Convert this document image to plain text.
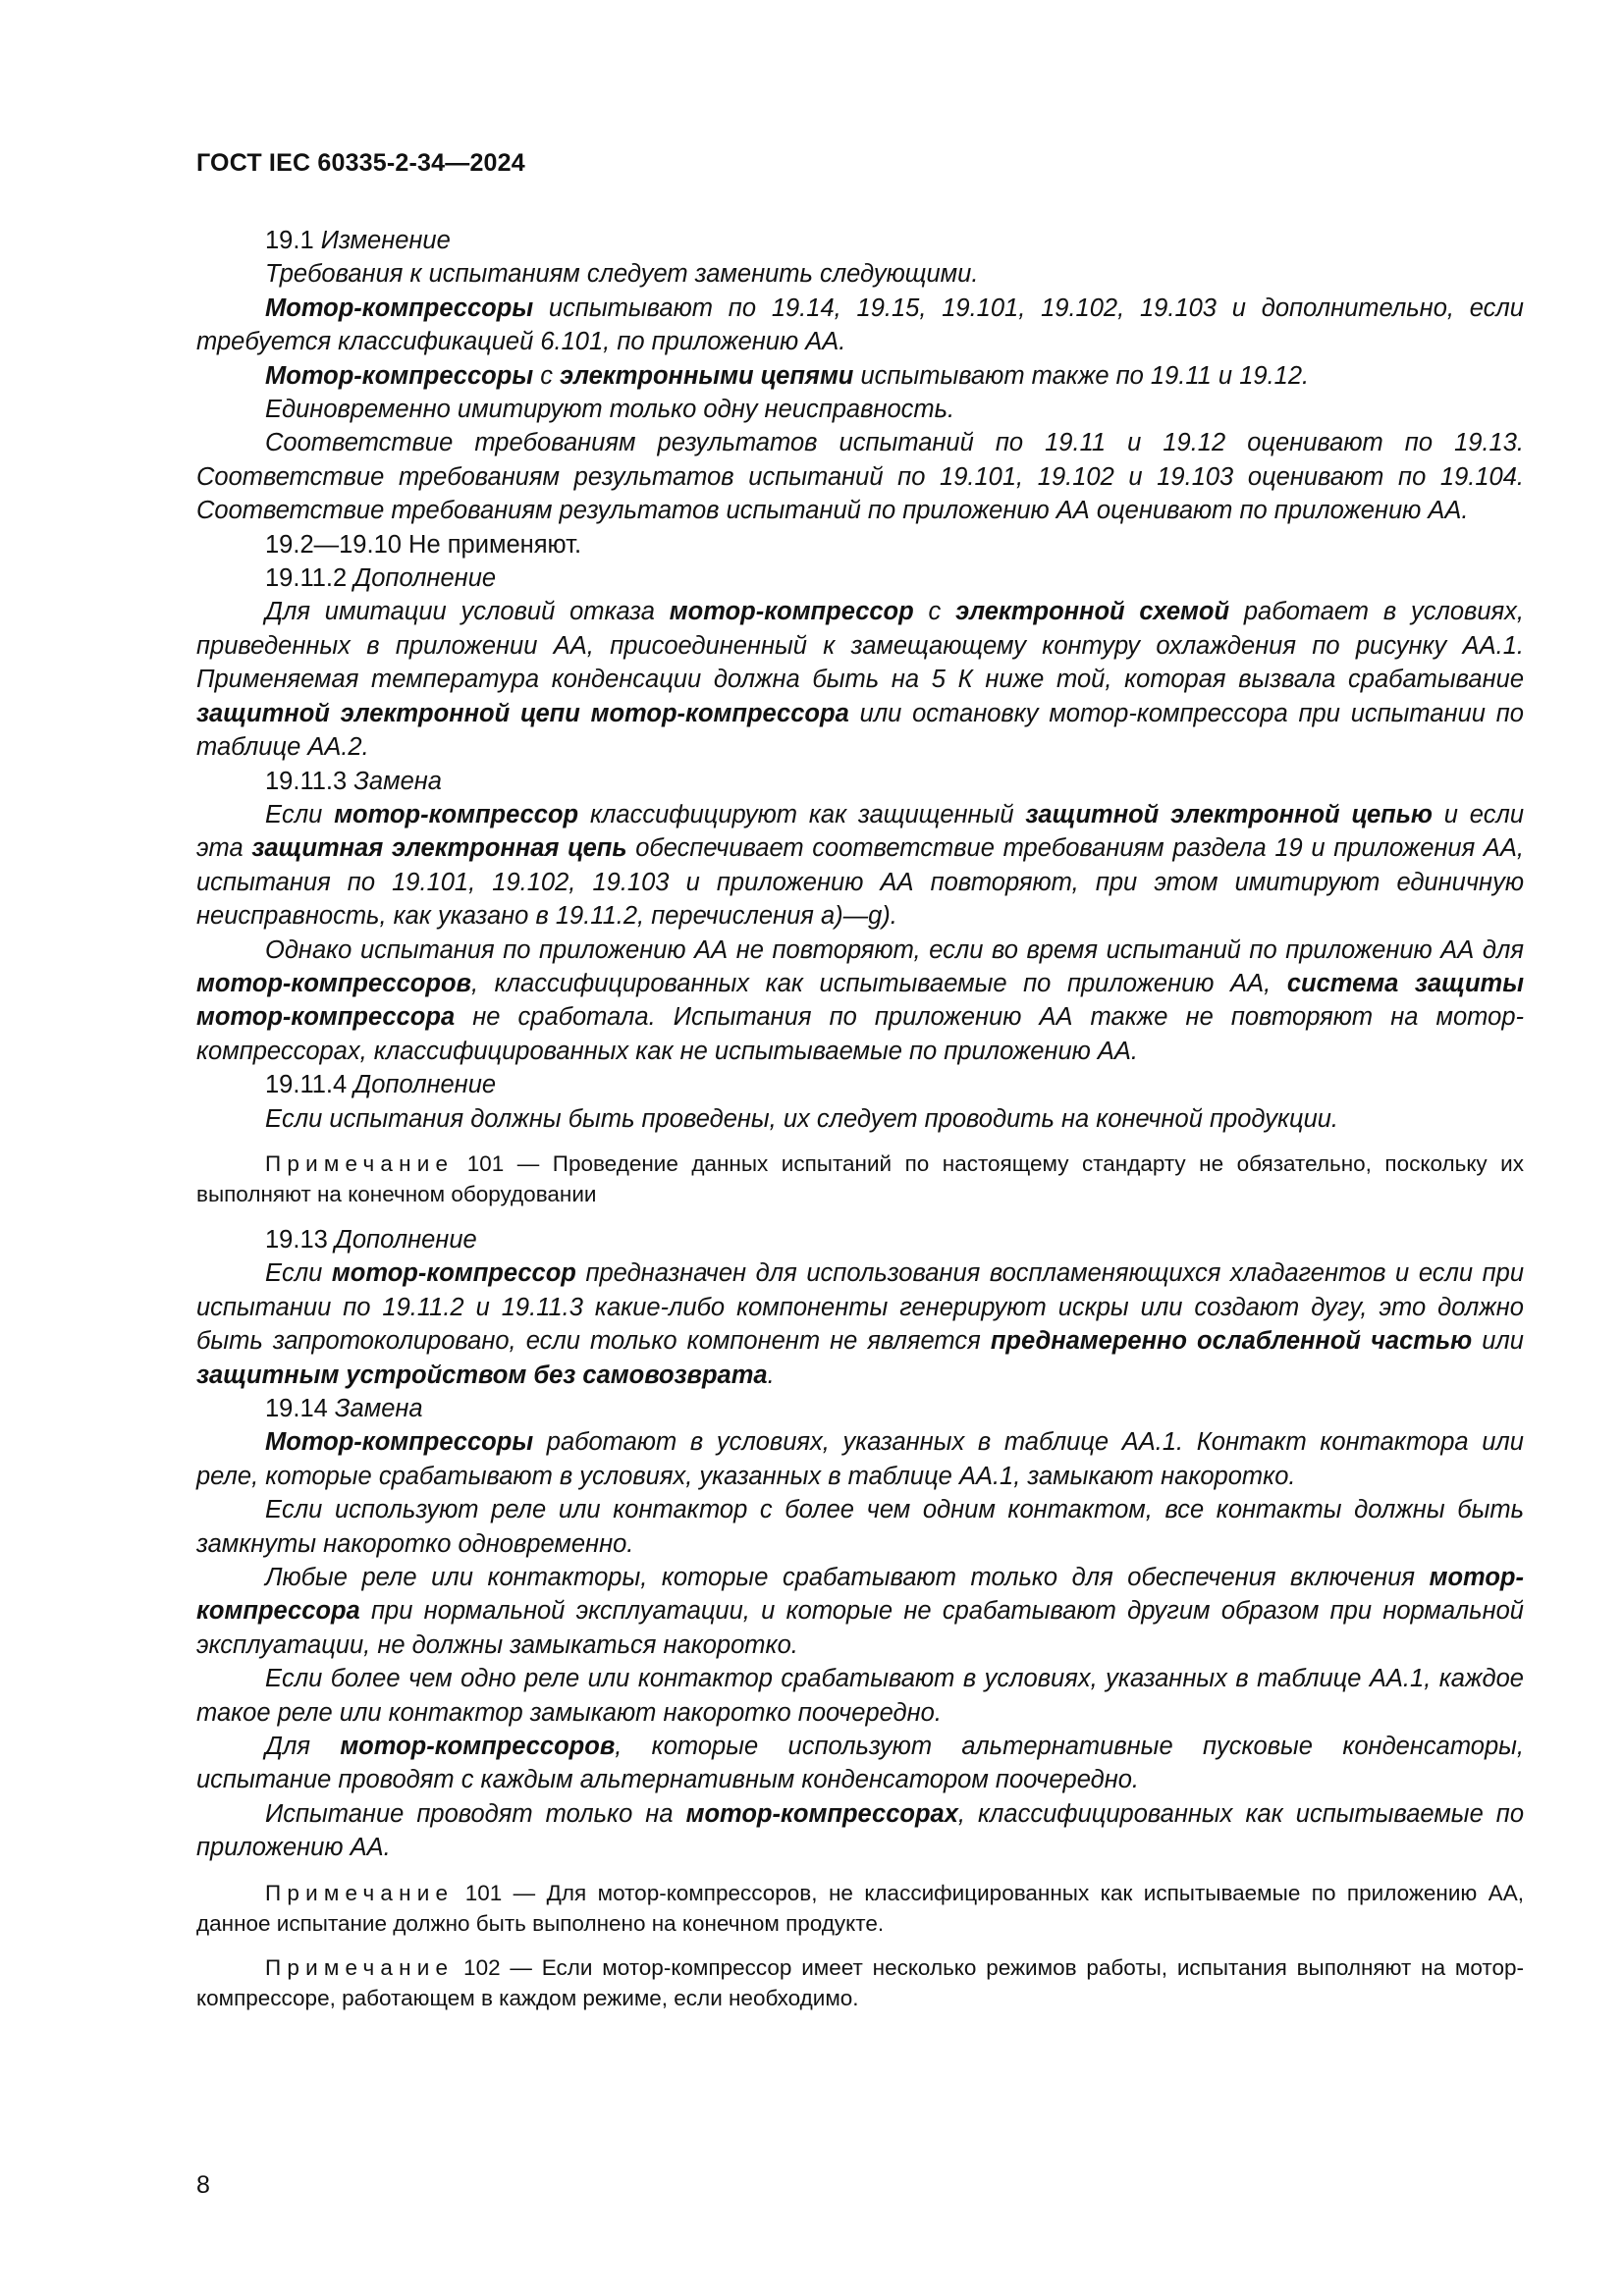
ГОСТ IEC 60335-2-34—2024

19.1 Изменение

Требования к испытаниям следует заменить следующими.

Мотор-компрессоры испытывают по 19.14, 19.15, 19.101, 19.102, 19.103 и дополнительно, если требуется классификацией 6.101, по приложению АА.

Мотор-компрессоры с электронными цепями испытывают также по 19.11 и 19.12.

Единовременно имитируют только одну неисправность.

Соответствие требованиям результатов испытаний по 19.11 и 19.12 оценивают по 19.13. Соответствие требованиям результатов испытаний по 19.101, 19.102 и 19.103 оценивают по 19.104. Соответствие требованиям результатов испытаний по приложению АА оценивают по приложению АА.

19.2—19.10 Не применяют.

19.11.2 Дополнение

Для имитации условий отказа мотор-компрессор с электронной схемой работает в условиях, приведенных в приложении АА, присоединенный к замещающему контуру охлаждения по рисунку АА.1. Применяемая температура конденсации должна быть на 5 К ниже той, которая вызвала срабатывание защитной электронной цепи мотор-компрессора или остановку мотор-компрессора при испытании по таблице АА.2.

19.11.3 Замена

Если мотор-компрессор классифицируют как защищенный защитной электронной цепью и если эта защитная электронная цепь обеспечивает соответствие требованиям раздела 19 и приложения АА, испытания по 19.101, 19.102, 19.103 и приложению АА повторяют, при этом имитируют единичную неисправность, как указано в 19.11.2, перечисления а)—g).

Однако испытания по приложению АА не повторяют, если во время испытаний по приложению АА для мотор-компрессоров, классифицированных как испытываемые по приложению АА, система защиты мотор-компрессора не сработала. Испытания по приложению АА также не повторяют на мотор-компрессорах, классифицированных как не испытываемые по приложению АА.

19.11.4 Дополнение

Если испытания должны быть проведены, их следует проводить на конечной продукции.

Примечание 101 — Проведение данных испытаний по настоящему стандарту не обязательно, поскольку их выполняют на конечном оборудовании

19.13 Дополнение

Если мотор-компрессор предназначен для использования воспламеняющихся хладагентов и если при испытании по 19.11.2 и 19.11.3 какие-либо компоненты генерируют искры или создают дугу, это должно быть запротоколировано, если только компонент не является преднамеренно ослабленной частью или защитным устройством без самовозврата.

19.14 Замена

Мотор-компрессоры работают в условиях, указанных в таблице АА.1. Контакт контактора или реле, которые срабатывают в условиях, указанных в таблице АА.1, замыкают накоротко.

Если используют реле или контактор с более чем одним контактом, все контакты должны быть замкнуты накоротко одновременно.

Любые реле или контакторы, которые срабатывают только для обеспечения включения мотор-компрессора при нормальной эксплуатации, и которые не срабатывают другим образом при нормальной эксплуатации, не должны замыкаться накоротко.

Если более чем одно реле или контактор срабатывают в условиях, указанных в таблице АА.1, каждое такое реле или контактор замыкают накоротко поочередно.

Для мотор-компрессоров, которые используют альтернативные пусковые конденсаторы, испытание проводят с каждым альтернативным конденсатором поочередно.

Испытание проводят только на мотор-компрессорах, классифицированных как испытываемые по приложению АА.

Примечание 101 — Для мотор-компрессоров, не классифицированных как испытываемые по приложению АА, данное испытание должно быть выполнено на конечном продукте.

Примечание 102 — Если мотор-компрессор имеет несколько режимов работы, испытания выполняют на мотор-компрессоре, работающем в каждом режиме, если необходимо.

8
